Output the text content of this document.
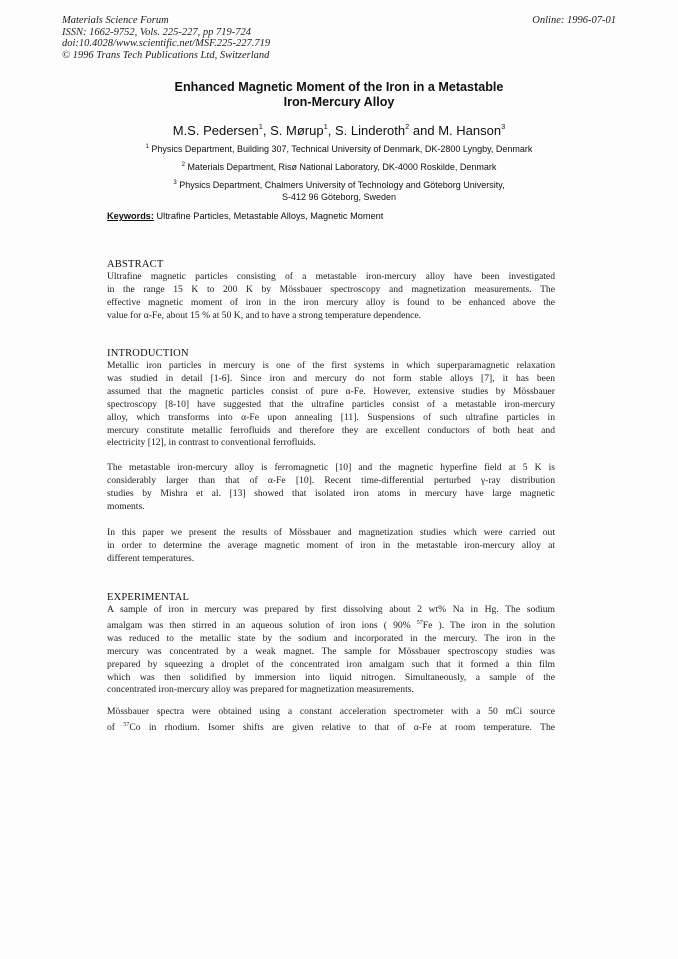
Materials Science Forum
ISSN: 1662-9752, Vols. 225-227, pp 719-724
doi:10.4028/www.scientific.net/MSF.225-227.719
© 1996 Trans Tech Publications Ltd, Switzerland
Online: 1996-07-01
Enhanced Magnetic Moment of the Iron in a Metastable
Iron-Mercury Alloy
M.S. Pedersen$^1$, S. Mørup$^1$, S. Linderoth$^2$ and M. Hanson$^3$
$^1$ Physics Department, Building 307, Technical University of Denmark, DK-2800 Lyngby, Denmark
$^2$ Materials Department, Risø National Laboratory, DK-4000 Roskilde, Denmark
$^3$ Physics Department, Chalmers University of Technology and Göteborg University,
S-412 96 Göteborg, Sweden
Keywords: Ultrafine Particles, Metastable Alloys, Magnetic Moment
ABSTRACT
Ultrafine magnetic particles consisting of a metastable iron-mercury alloy have been investigated
in the range 15 K to 200 K by Mössbauer spectroscopy and magnetization measurements. The
effective magnetic moment of iron in the iron mercury alloy is found to be enhanced above the
value for α-Fe, about 15 % at 50 K, and to have a strong temperature dependence.
INTRODUCTION
Metallic iron particles in mercury is one of the first systems in which superparamagnetic relaxation
was studied in detail [1-6]. Since iron and mercury do not form stable alloys [7], it has been
assumed that the magnetic particles consist of pure α-Fe. However, extensive studies by Mössbauer
spectroscopy [8-10] have suggested that the ultrafine particles consist of a metastable iron-mercury
alloy, which transforms into α-Fe upon annealing [11]. Suspensions of such ultrafine particles in
mercury constitute metallic ferrofluids and therefore they are excellent conductors of both heat and
electricity [12], in contrast to conventional ferrofluids.
The metastable iron-mercury alloy is ferromagnetic [10] and the magnetic hyperfine field at 5 K is
considerably larger than that of α-Fe [10]. Recent time-differential perturbed γ-ray distribution
studies by Mishra et al. [13] showed that isolated iron atoms in mercury have large magnetic
moments.
In this paper we present the results of Mössbauer and magnetization studies which were carried out
in order to determine the average magnetic moment of iron in the metastable iron-mercury alloy at
different temperatures.
EXPERIMENTAL
A sample of iron in mercury was prepared by first dissolving about 2 wt% Na in Hg. The sodium
amalgam was then stirred in an aqueous solution of iron ions ( 90% $^{57}$Fe ). The iron in the solution
was reduced to the metallic state by the sodium and incorporated in the mercury. The iron in the
mercury was concentrated by a weak magnet. The sample for Mössbauer spectroscopy studies was
prepared by squeezing a droplet of the concentrated iron amalgam such that it formed a thin film
which was then solidified by immersion into liquid nitrogen. Simultaneously, a sample of the
concentrated iron-mercury alloy was prepared for magnetization measurements.
Mössbauer spectra were obtained using a constant acceleration spectrometer with a 50 mCi source
of $^{57}$Co in rhodium. Isomer shifts are given relative to that of α-Fe at room temperature. The
